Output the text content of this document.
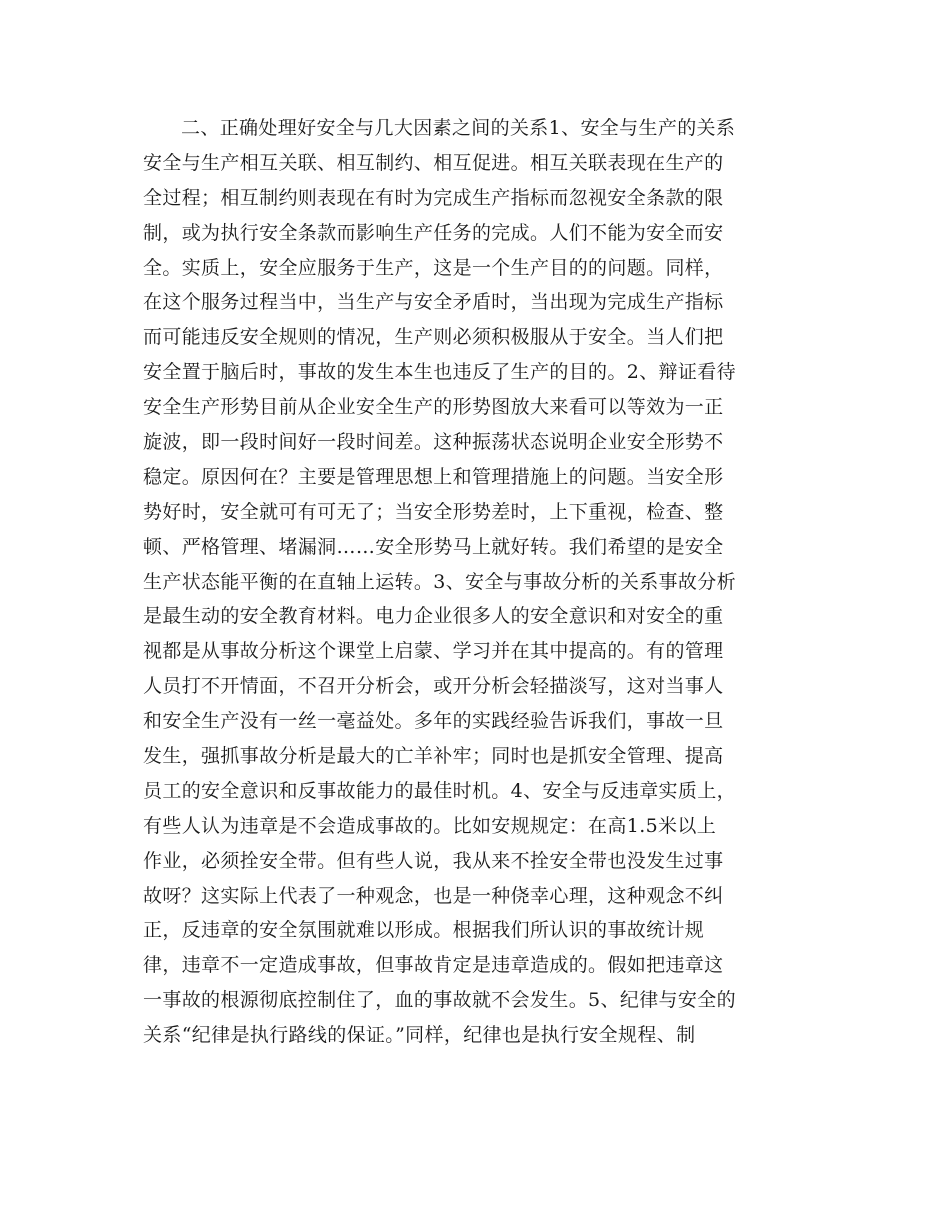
二、正确处理好安全与几大因素之间的关系1、安全与生产的关系
安全与生产相互关联、相互制约、相互促进。相互关联表现在生产的
全过程；相互制约则表现在有时为完成生产指标而忽视安全条款的限
制，或为执行安全条款而影响生产任务的完成。人们不能为安全而安
全。实质上，安全应服务于生产，这是一个生产目的的问题。同样，
在这个服务过程当中，当生产与安全矛盾时，当出现为完成生产指标
而可能违反安全规则的情况，生产则必须积极服从于安全。当人们把
安全置于脑后时，事故的发生本生也违反了生产的目的。2、辩证看待
安全生产形势目前从企业安全生产的形势图放大来看可以等效为一正
旋波，即一段时间好一段时间差。这种振荡状态说明企业安全形势不
稳定。原因何在？主要是管理思想上和管理措施上的问题。当安全形
势好时，安全就可有可无了；当安全形势差时，上下重视，检查、整
顿、严格管理、堵漏洞……安全形势马上就好转。我们希望的是安全
生产状态能平衡的在直轴上运转。3、安全与事故分析的关系事故分析
是最生动的安全教育材料。电力企业很多人的安全意识和对安全的重
视都是从事故分析这个课堂上启蒙、学习并在其中提高的。有的管理
人员打不开情面，不召开分析会，或开分析会轻描淡写，这对当事人
和安全生产没有一丝一毫益处。多年的实践经验告诉我们，事故一旦
发生，强抓事故分析是最大的亡羊补牢；同时也是抓安全管理、提高
员工的安全意识和反事故能力的最佳时机。4、安全与反违章实质上，
有些人认为违章是不会造成事故的。比如安规规定：在高1.5米以上
作业，必须拴安全带。但有些人说，我从来不拴安全带也没发生过事
故呀？这实际上代表了一种观念，也是一种侥幸心理，这种观念不纠
正，反违章的安全氛围就难以形成。根据我们所认识的事故统计规
律，违章不一定造成事故，但事故肯定是违章造成的。假如把违章这
一事故的根源彻底控制住了，血的事故就不会发生。5、纪律与安全的
关系“纪律是执行路线的保证。”同样，纪律也是执行安全规程、制
